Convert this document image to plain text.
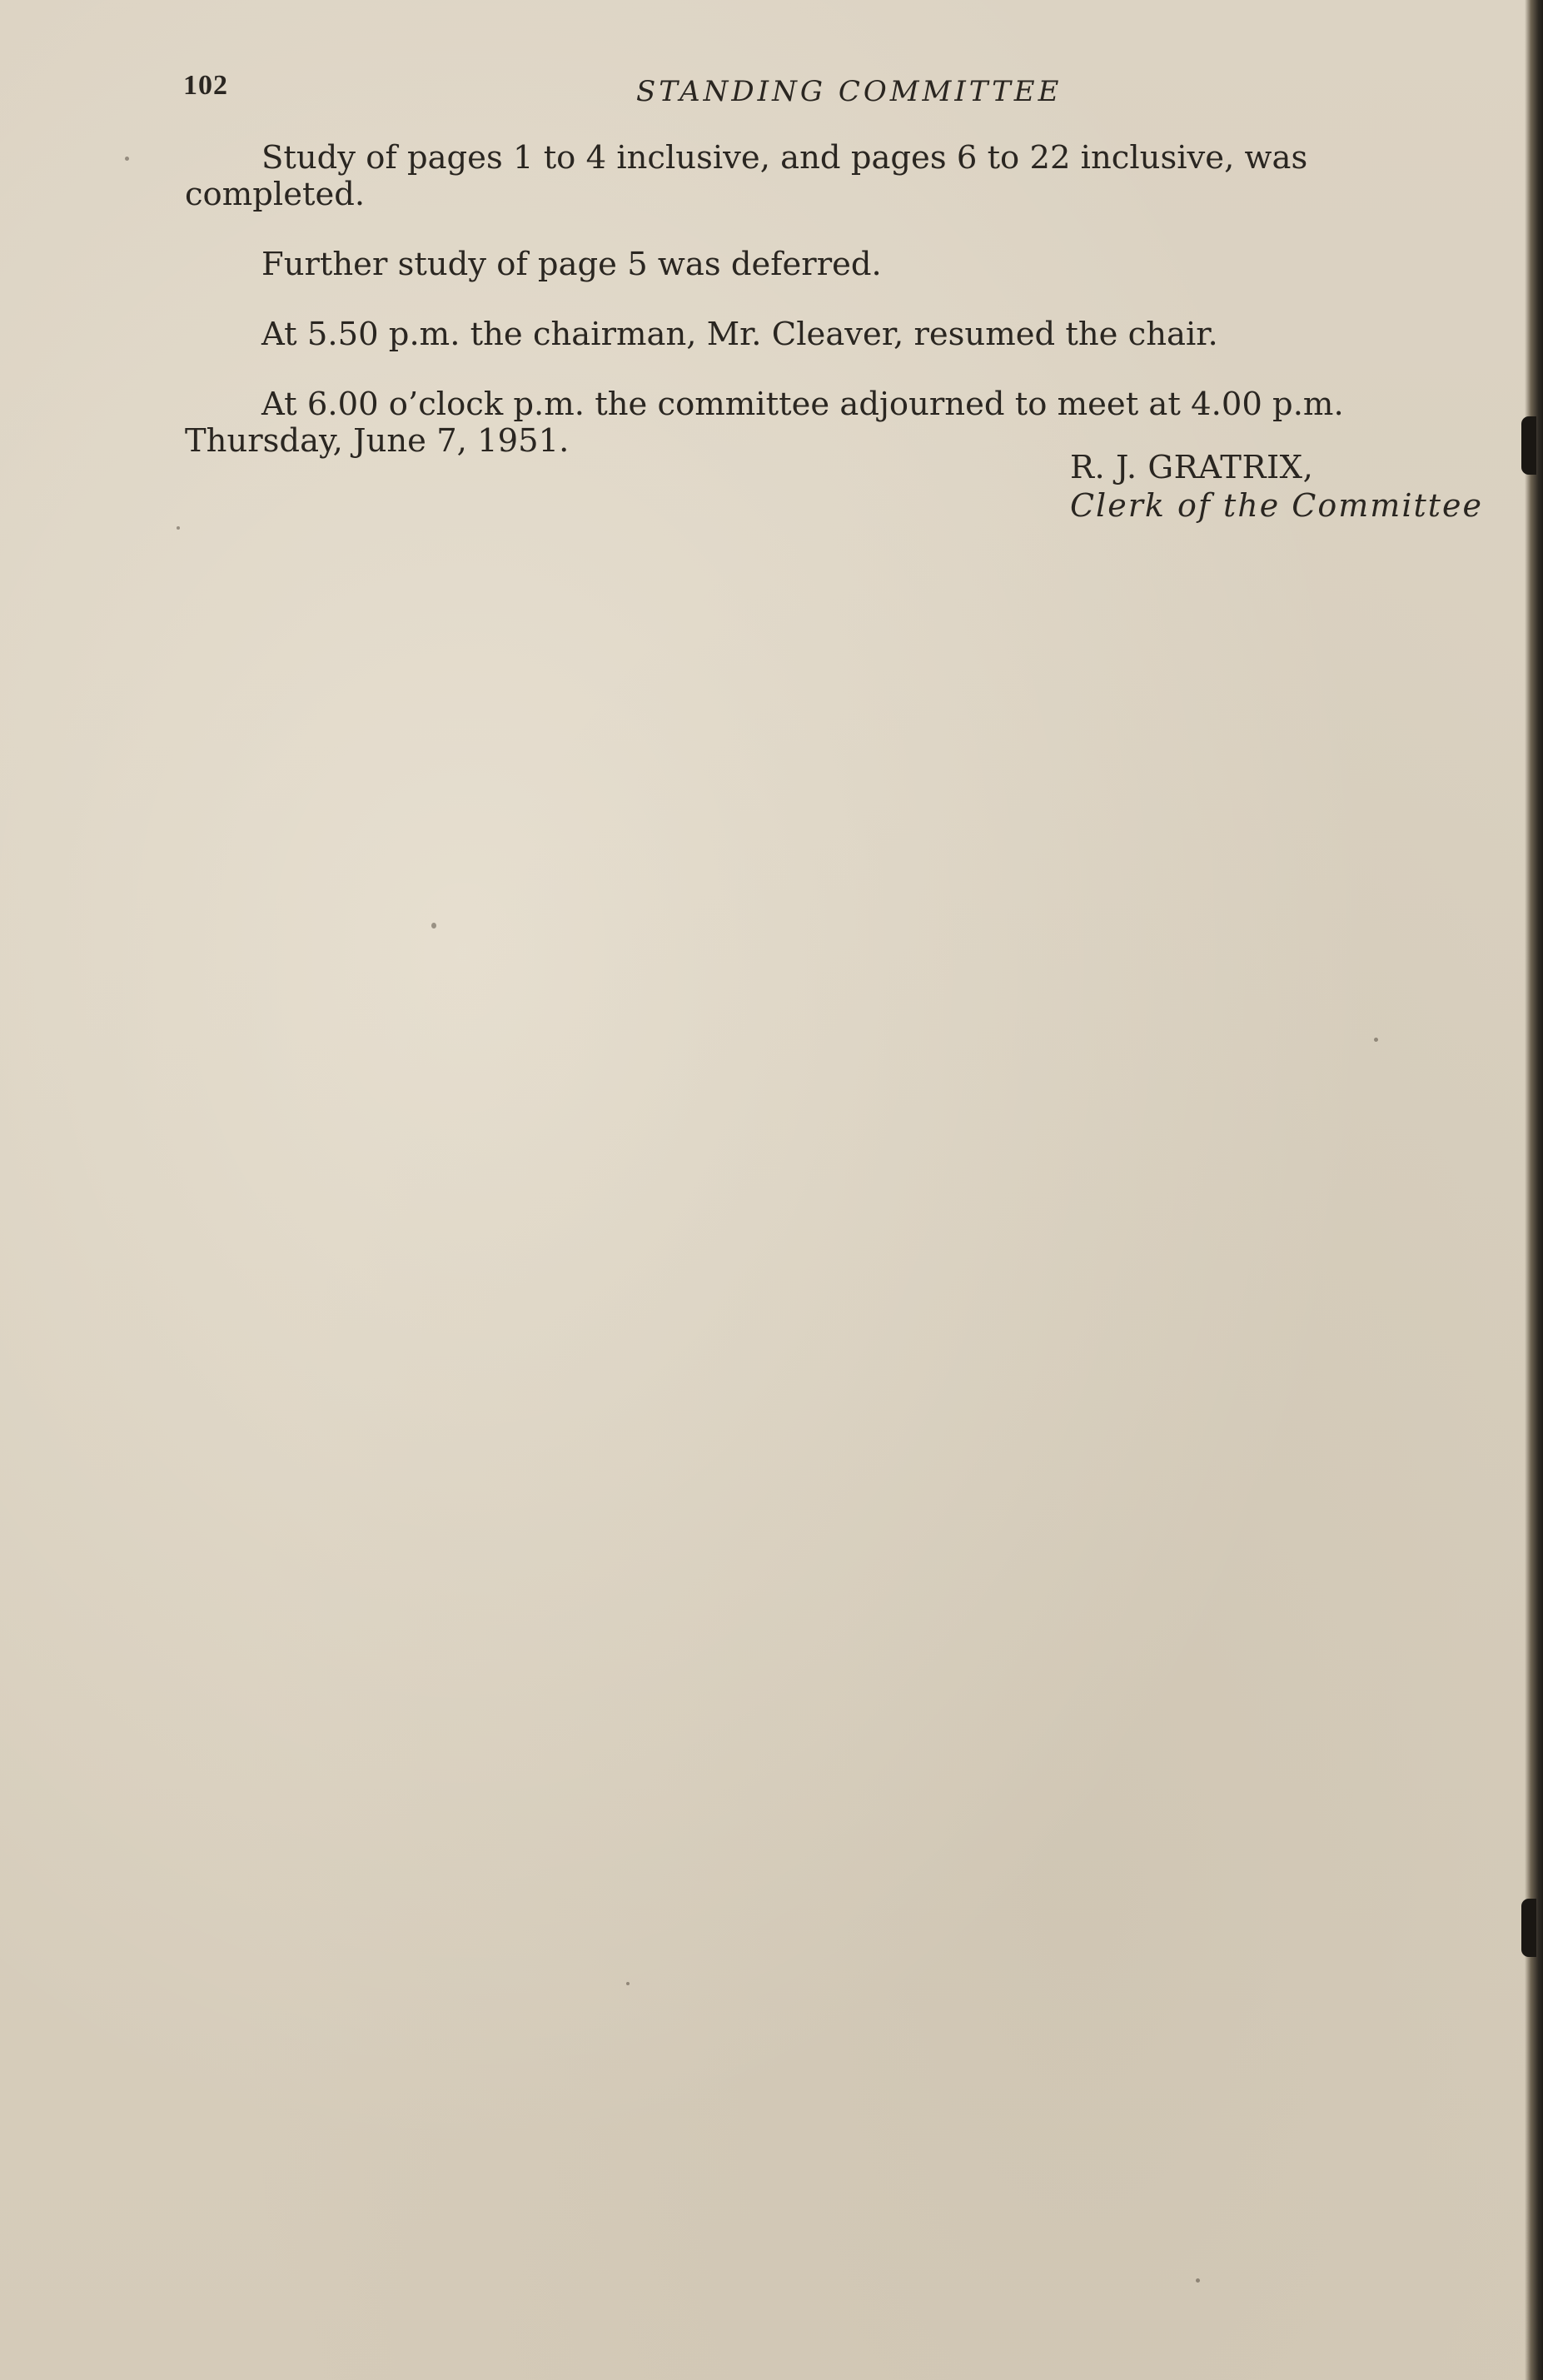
102	STANDING COMMITTEE

Study of pages 1 to 4 inclusive, and pages 6 to 22 inclusive, was completed.

Further study of page 5 was deferred.

At 5.50 p.m. the chairman, Mr. Cleaver, resumed the chair.

At 6.00 o’clock p.m. the committee adjourned to meet at 4.00 p.m. Thursday, June 7, 1951.

R. J. GRATRIX,
Clerk of the Committee
